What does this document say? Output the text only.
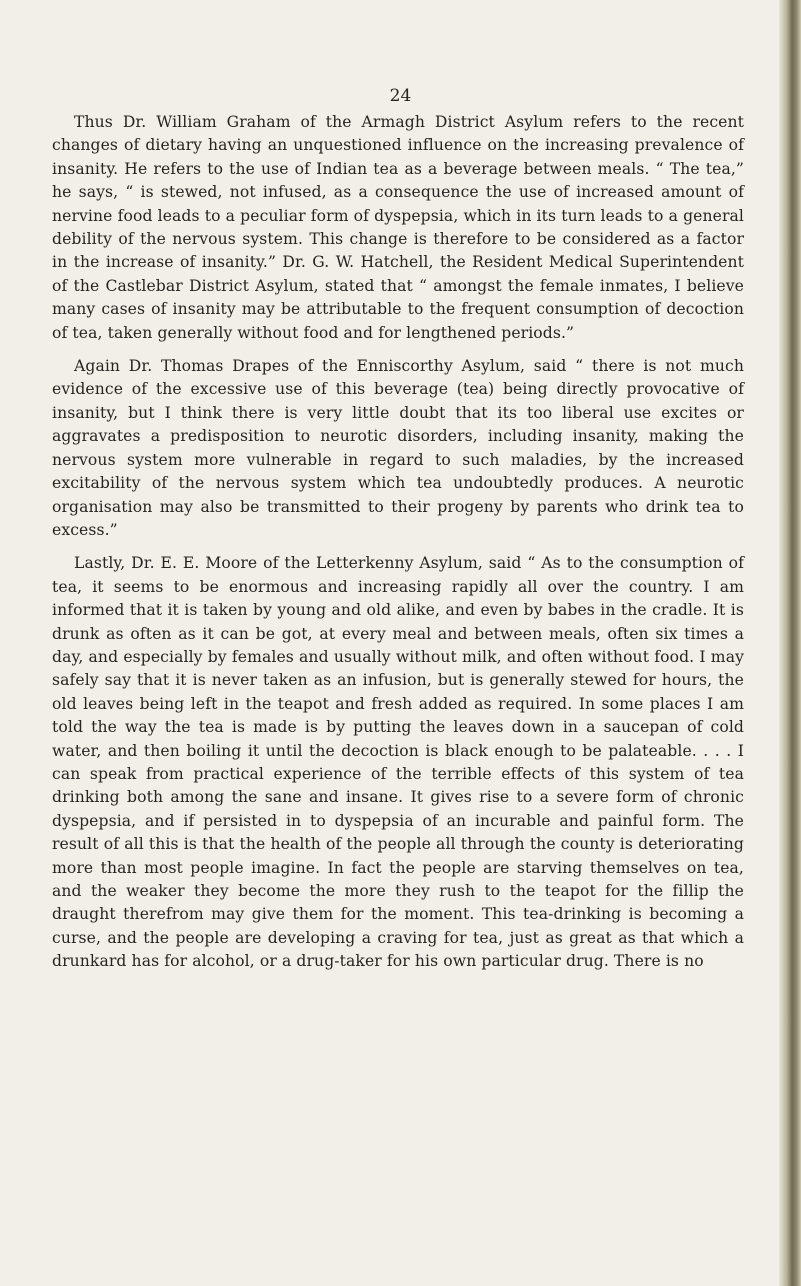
24

Thus Dr. William Graham of the Armagh District Asylum refers to the recent changes of dietary having an unquestioned influence on the increasing prevalence of insanity. He refers to the use of Indian tea as a beverage between meals. “ The tea,” he says, “ is stewed, not infused, as a consequence the use of increased amount of nervine food leads to a peculiar form of dyspepsia, which in its turn leads to a general debility of the nervous system. This change is therefore to be considered as a factor in the increase of insanity.” Dr. G. W. Hatchell, the Resident Medical Superintendent of the Castlebar District Asylum, stated that “ amongst the female inmates, I believe many cases of insanity may be attributable to the frequent consumption of decoction of tea, taken generally without food and for lengthened periods.”

Again Dr. Thomas Drapes of the Enniscorthy Asylum, said “ there is not much evidence of the excessive use of this beverage (tea) being directly provocative of insanity, but I think there is very little doubt that its too liberal use excites or aggravates a predisposition to neurotic disorders, including insanity, making the nervous system more vulnerable in regard to such maladies, by the increased excitability of the nervous system which tea undoubtedly produces. A neurotic organisation may also be transmitted to their progeny by parents who drink tea to excess.”

Lastly, Dr. E. E. Moore of the Letterkenny Asylum, said “ As to the consumption of tea, it seems to be enormous and increasing rapidly all over the country. I am informed that it is taken by young and old alike, and even by babes in the cradle. It is drunk as often as it can be got, at every meal and between meals, often six times a day, and especially by females and usually without milk, and often without food. I may safely say that it is never taken as an infusion, but is generally stewed for hours, the old leaves being left in the teapot and fresh added as required. In some places I am told the way the tea is made is by putting the leaves down in a saucepan of cold water, and then boiling it until the decoction is black enough to be palateable. . . . I can speak from practical experience of the terrible effects of this system of tea drinking both among the sane and insane. It gives rise to a severe form of chronic dyspepsia, and if persisted in to dyspepsia of an incurable and painful form. The result of all this is that the health of the people all through the county is deteriorating more than most people imagine. In fact the people are starving themselves on tea, and the weaker they become the more they rush to the teapot for the fillip the draught therefrom may give them for the moment. This tea-drinking is becoming a curse, and the people are developing a craving for tea, just as great as that which a drunkard has for alcohol, or a drug-taker for his own particular drug. There is no
